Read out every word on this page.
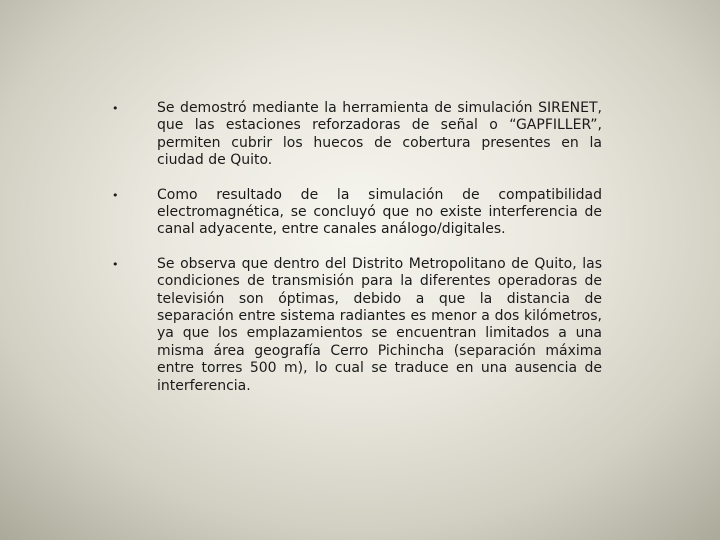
•	Se demostró mediante la herramienta de simulación SIRENET, que las estaciones reforzadoras de señal o “GAPFILLER”, permiten cubrir los huecos de cobertura presentes en la ciudad de Quito.
•	Como resultado de la simulación de compatibilidad electromagnética, se concluyó que no existe interferencia de canal adyacente, entre canales análogo/digitales.
•	Se observa que dentro del Distrito Metropolitano de Quito, las condiciones de transmisión para la diferentes operadoras de televisión son óptimas, debido a que la distancia de separación entre sistema radiantes es menor a dos kilómetros, ya que los emplazamientos se encuentran limitados a una misma área geografía Cerro Pichincha (separación máxima entre torres 500 m), lo cual se traduce en una ausencia de interferencia.
